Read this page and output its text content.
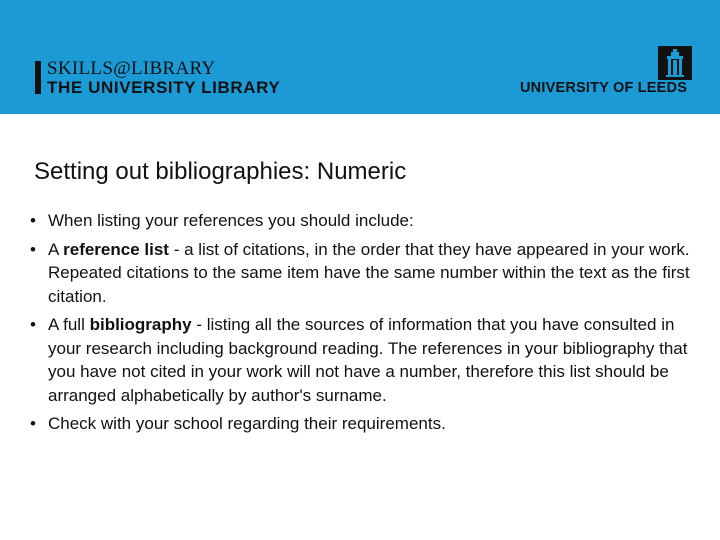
SKILLS@LIBRARY
THE UNIVERSITY LIBRARY	UNIVERSITY OF LEEDS
Setting out bibliographies: Numeric
• When listing your references you should include:
• A reference list - a list of citations, in the order that they have appeared in your work. Repeated citations to the same item have the same number within the text as the first citation.
• A full bibliography - listing all the sources of information that you have consulted in your research including background reading. The references in your bibliography that you have not cited in your work will not have a number, therefore this list should be arranged alphabetically by author's surname.
• Check with your school regarding their requirements.
